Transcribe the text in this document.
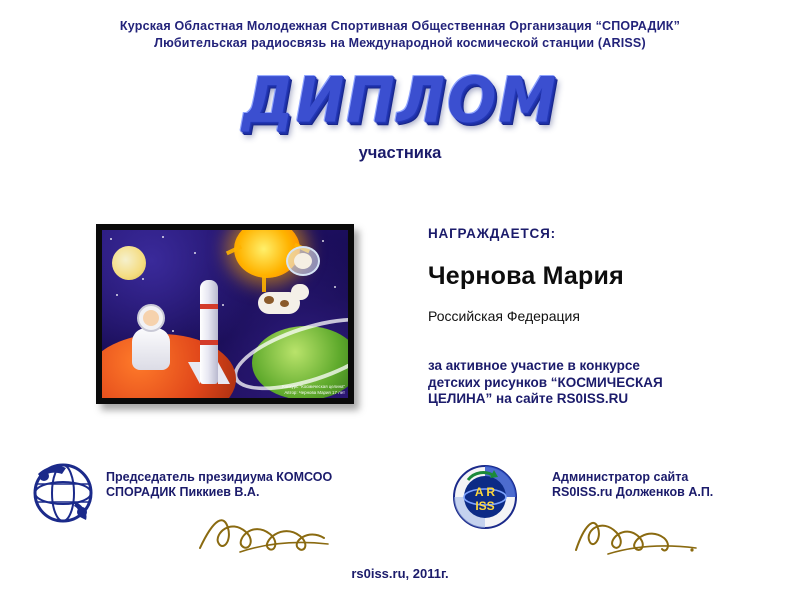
Курская Областная Молодежная Спортивная Общественная Организация “СПОРАДИК”
Любительская радиосвязь на Международной космической станции (ARISS)
ДИПЛОМ
участника
Конкурс "Космическая целина"
Автор: Чернова Мария 17 лет
НАГРАЖДАЕТСЯ:
Чернова Мария
Российская Федерация
за активное участие в конкурсе
детских рисунков “КОСМИЧЕСКАЯ
ЦЕЛИНА” на сайте RS0ISS.RU
Председатель президиума КОМСОО
СПОРАДИК Пиккиев В.А.	A R
ISS
Администратор сайта
RS0ISS.ru Долженков А.П.
rs0iss.ru, 2011г.
